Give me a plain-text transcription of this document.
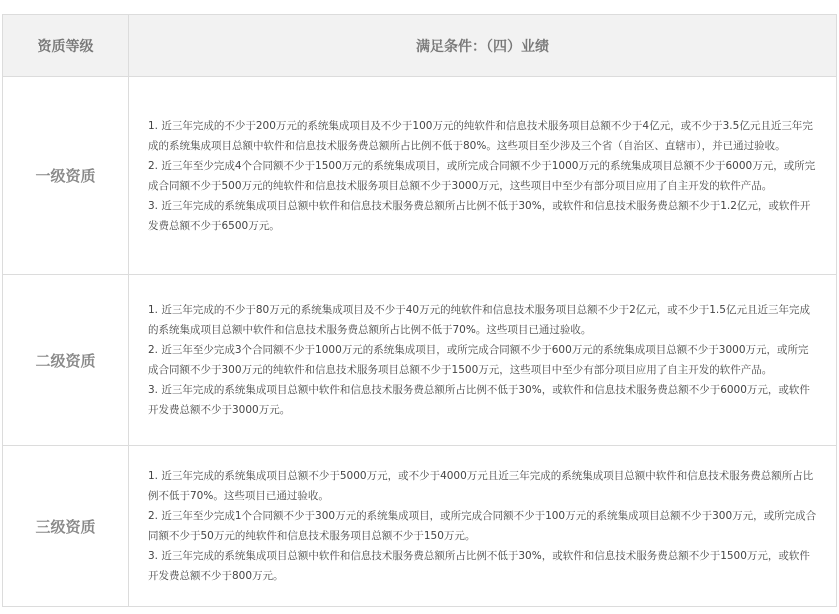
资质等级	满足条件：（四）业绩
一级资质	1. 近三年完成的不少于200万元的系统集成项目及不少于100万元的纯软件和信息技术服务项目总额不少于4亿元，或不少于3.5亿元且近三年完成的系统集成项目总额中软件和信息技术服务费总额所占比例不低于80%。这些项目至少涉及三个省（自治区、直辖市），并已通过验收。

2. 近三年至少完成4个合同额不少于1500万元的系统集成项目，或所完成合同额不少于1000万元的系统集成项目总额不少于6000万元，或所完成合同额不少于500万元的纯软件和信息技术服务项目总额不少于3000万元，这些项目中至少有部分项目应用了自主开发的软件产品。

3. 近三年完成的系统集成项目总额中软件和信息技术服务费总额所占比例不低于30%，或软件和信息技术服务费总额不少于1.2亿元，或软件开发费总额不少于6500万元。

二级资质	1. 近三年完成的不少于80万元的系统集成项目及不少于40万元的纯软件和信息技术服务项目总额不少于2亿元，或不少于1.5亿元且近三年完成的系统集成项目总额中软件和信息技术服务费总额所占比例不低于70%。这些项目已通过验收。

2. 近三年至少完成3个合同额不少于1000万元的系统集成项目，或所完成合同额不少于600万元的系统集成项目总额不少于3000万元，或所完成合同额不少于300万元的纯软件和信息技术服务项目总额不少于1500万元，这些项目中至少有部分项目应用了自主开发的软件产品。

3. 近三年完成的系统集成项目总额中软件和信息技术服务费总额所占比例不低于30%，或软件和信息技术服务费总额不少于6000万元，或软件开发费总额不少于3000万元。

三级资质	1. 近三年完成的系统集成项目总额不少于5000万元，或不少于4000万元且近三年完成的系统集成项目总额中软件和信息技术服务费总额所占比例不低于70%。这些项目已通过验收。

2. 近三年至少完成1个合同额不少于300万元的系统集成项目，或所完成合同额不少于100万元的系统集成项目总额不少于300万元，或所完成合同额不少于50万元的纯软件和信息技术服务项目总额不少于150万元。

3. 近三年完成的系统集成项目总额中软件和信息技术服务费总额所占比例不低于30%，或软件和信息技术服务费总额不少于1500万元，或软件开发费总额不少于800万元。
